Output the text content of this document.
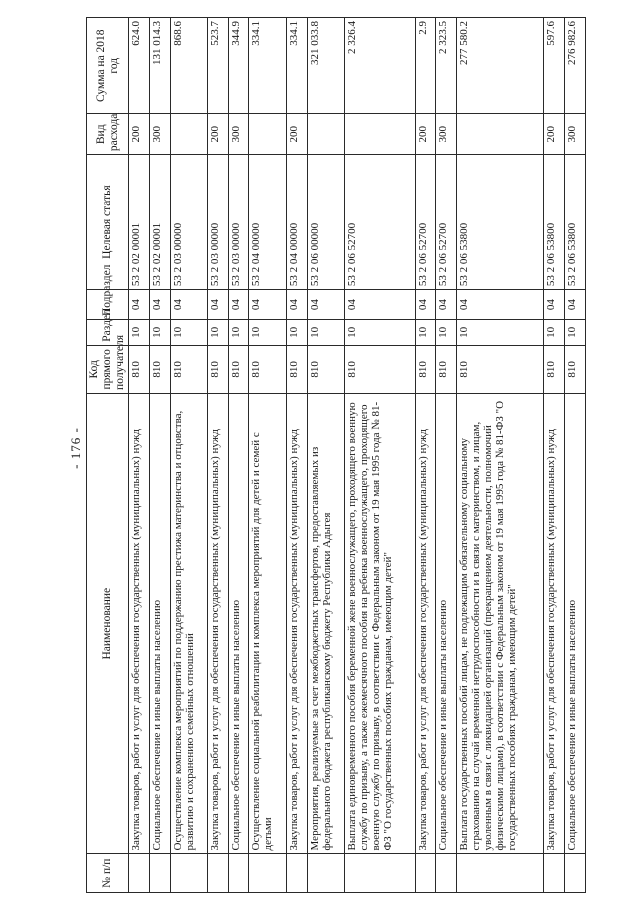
- 176 -
№ п/п	Наименование	Код прямого получателя	Раздел	Подраздел	Целевая статья	Вид расхода	Сумма на 2018 год
	Закупка товаров, работ и услуг для обеспечения государственных (муниципальных) нужд	810	10	04	53 2 02 00001	200	624.0
	Социальное обеспечение и иные выплаты населению	810	10	04	53 2 02 00001	300	131 014.3
	Осуществление комплекса мероприятий по поддержанию престижа материнства и отцовства, развитию и сохранению семейных отношений	810	10	04	53 2 03 00000		868.6
	Закупка товаров, работ и услуг для обеспечения государственных (муниципальных) нужд	810	10	04	53 2 03 00000	200	523.7
	Социальное обеспечение и иные выплаты населению	810	10	04	53 2 03 00000	300	344.9
	Осуществление социальной реабилитации и комплекса мероприятий для детей и семей с детьми	810	10	04	53 2 04 00000		334.1
	Закупка товаров, работ и услуг для обеспечения государственных (муниципальных) нужд	810	10	04	53 2 04 00000	200	334.1
	Мероприятия, реализуемые за счет межбюджетных трансфертов, предоставляемых из федерального бюджета республиканскому бюджету Республики Адыгея	810	10	04	53 2 06 00000		321 033.8
	Выплата единовременного пособия беременной жене военнослужащего, проходящего военную службу по призыву, а также ежемесячного пособия на ребенка военнослужащего, проходящего военную службу по призыву, в соответствии с Федеральным законом от 19 мая 1995 года № 81-ФЗ "О государственных пособиях гражданам, имеющим детей"	810	10	04	53 2 06 52700		2 326.4
	Закупка товаров, работ и услуг для обеспечения государственных (муниципальных) нужд	810	10	04	53 2 06 52700	200	2.9
	Социальное обеспечение и иные выплаты населению	810	10	04	53 2 06 52700	300	2 323.5
	Выплата государственных пособий лицам, не подлежащим обязательному социальному страхованию на случай временной нетрудоспособности и в связи с материнством, и лицам, уволенным в связи с ликвидацией организаций (прекращением деятельности, полномочий физическими лицами), в соответствии с Федеральным законом от 19 мая 1995 года № 81-ФЗ "О государственных пособиях гражданам, имеющим детей"	810	10	04	53 2 06 53800		277 580.2
	Закупка товаров, работ и услуг для обеспечения государственных (муниципальных) нужд	810	10	04	53 2 06 53800	200	597.6
	Социальное обеспечение и иные выплаты населению	810	10	04	53 2 06 53800	300	276 982.6
